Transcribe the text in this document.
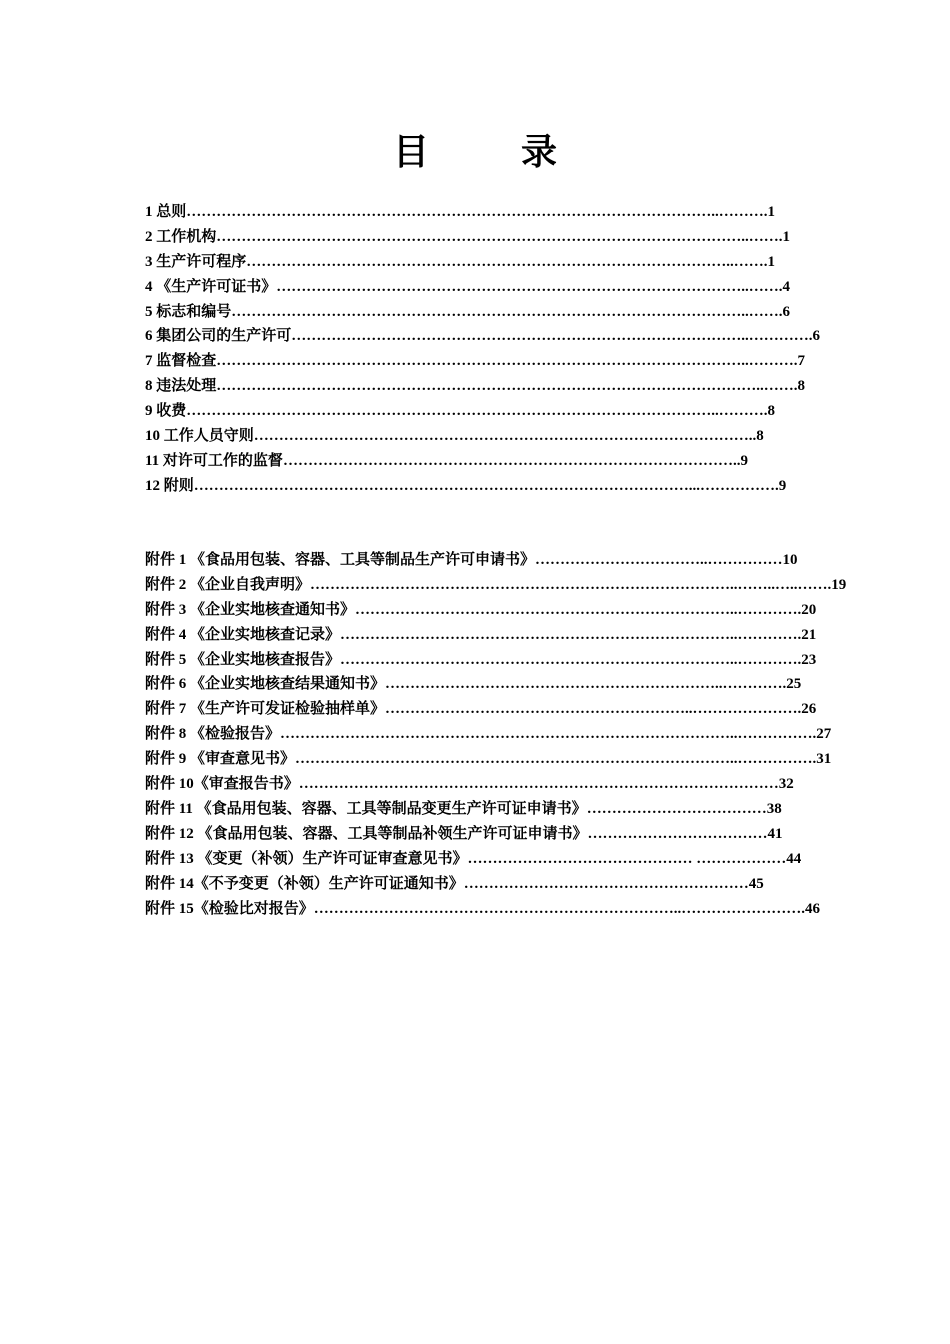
目　录
1 总则……………………………………………………………………………………………..……….1
2 工作机构……………………………………………………………………………………………..…….1
3 生产许可程序……………………………………………………………………………………..…….1
4 《生产许可证书》…………………………………………………………………………………..…….4
5 标志和编号…………………………………………………………………………………………..…….6
6 集团公司的生产许可………………………………………………………………………………..………….6
7 监督检查……………………………………………………………………………………………..……….7
8 违法处理………………………………………………………………………………………………..…….8
9 收费……………………………………………………………………………………………..……….8
10 工作人员守则………………………………………………………………………………………..8
11 对许可工作的监督………………………………………………………………………………..9
12 附则………………………………………………………………………………………...…………….9
附件 1 《食品用包装、容器、工具等制品生产许可申请书》……………………………..……………10
附件 2 《企业自我声明》…………………………………………………………………………..……..…..…….19
附件 3 《企业实地核查通知书》…………………………………………………………………..………….20
附件 4 《企业实地核查记录》……………………………………………………………………..………….21
附件 5 《企业实地核查报告》……………………………………………………………………..………….23
附件 6 《企业实地核查结果通知书》…………………………………………………………..………….25
附件 7 《生产许可发证检验抽样单》……………………………………………………..………………….26
附件 8 《检验报告》………………………………………………………………………………..…………….27
附件 9 《审查意见书》……………………………………………………………………………..…………….31
附件 10《审查报告书》……………………………………………………………………………………32
附件 11 《食品用包装、容器、工具等制品变更生产许可证申请书》………………………………38
附件 12 《食品用包装、容器、工具等制品补领生产许可证申请书》………………………………41
附件 13 《变更（补领）生产许可证审查意见书》……………………………………… ………………44
附件 14《不予变更（补领）生产许可证通知书》…………………………………………………45
附件 15《检验比对报告》………………………………………………………………..…………………….46
